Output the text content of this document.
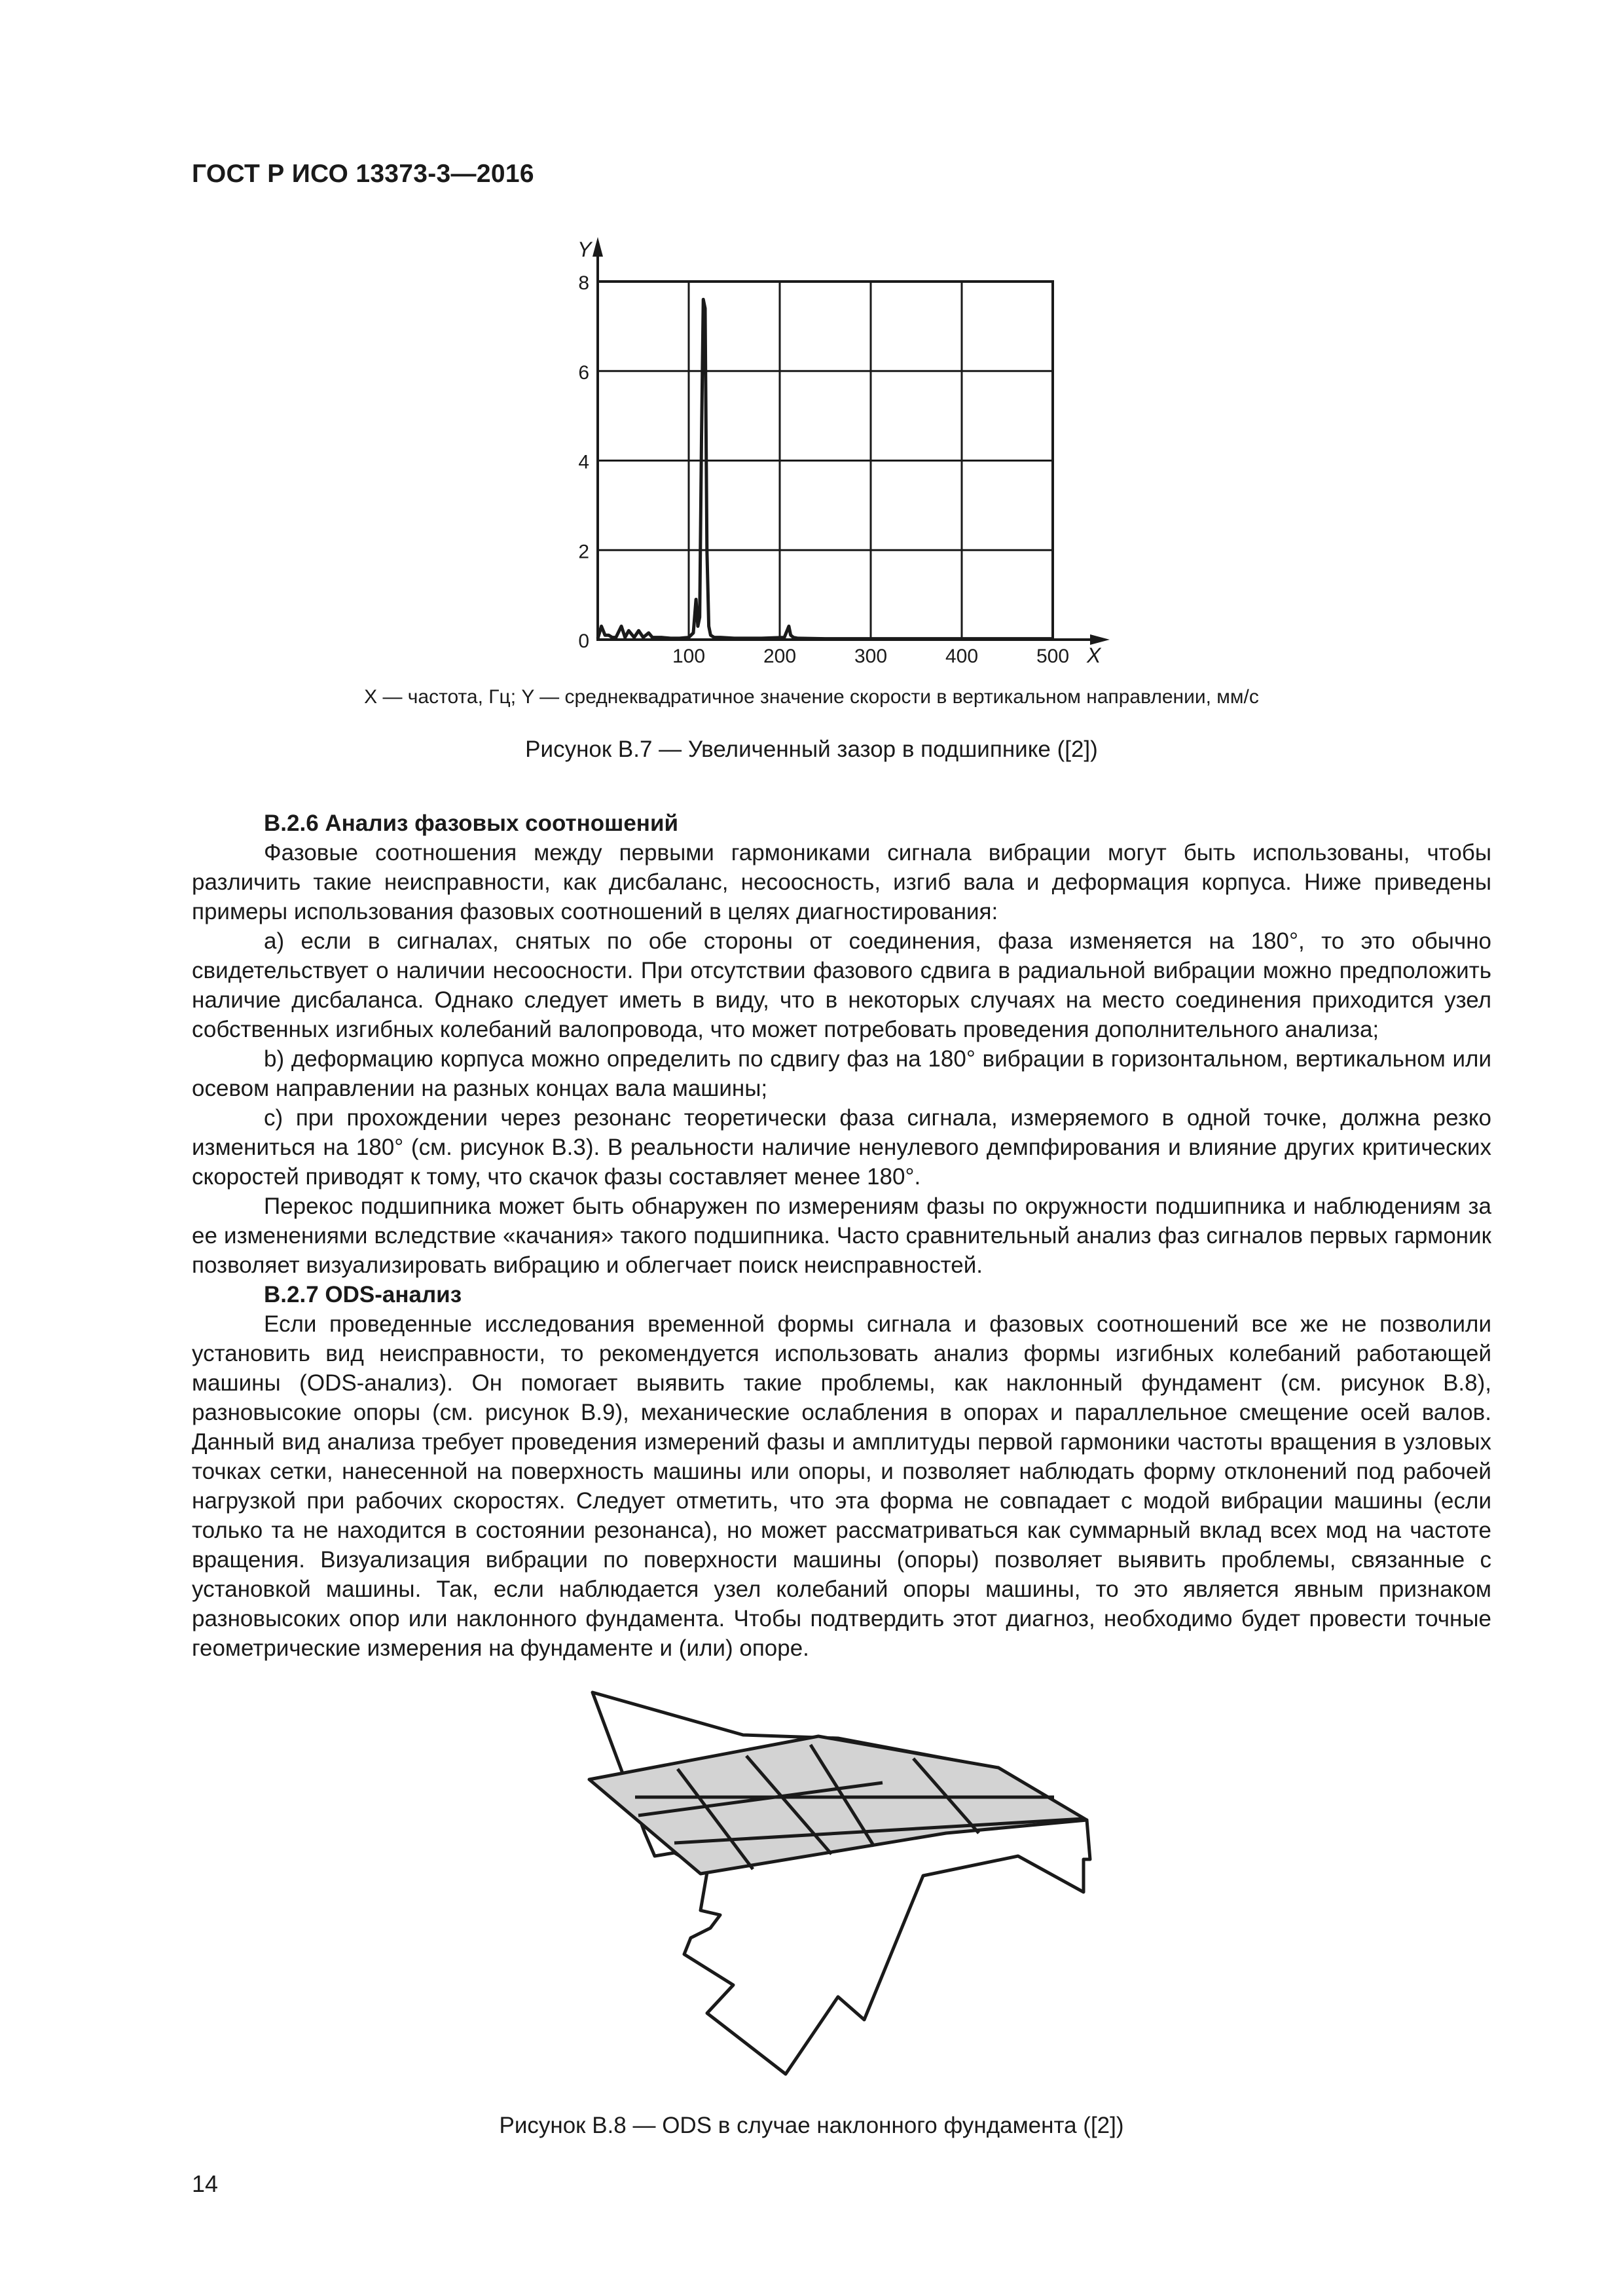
ГОСТ Р ИСО 13373-3—2016
Y
X
0
2
4
6
8
100	200	300	400	500
X — частота, Гц; Y — среднеквадратичное значение скорости в вертикальном направлении, мм/с
Рисунок В.7 — Увеличенный зазор в подшипнике ([2])

В.2.6 Анализ фазовых соотношений

Фазовые соотношения между первыми гармониками сигнала вибрации могут быть использованы, чтобы различить такие неисправности, как дисбаланс, несоосность, изгиб вала и деформация корпуса. Ниже приведены примеры использования фазовых соотношений в целях диагностирования:

а) если в сигналах, снятых по обе стороны от соединения, фаза изменяется на 180°, то это обычно свидетельствует о наличии несоосности. При отсутствии фазового сдвига в радиальной вибрации можно предположить наличие дисбаланса. Однако следует иметь в виду, что в некоторых случаях на место соединения приходится узел собственных изгибных колебаний валопровода, что может потребовать проведения дополнительного анализа;

b) деформацию корпуса можно определить по сдвигу фаз на 180° вибрации в горизонтальном, вертикальном или осевом направлении на разных концах вала машины;

c) при прохождении через резонанс теоретически фаза сигнала, измеряемого в одной точке, должна резко измениться на 180° (см. рисунок В.3). В реальности наличие ненулевого демпфирования и влияние других критических скоростей приводят к тому, что скачок фазы составляет менее 180°.

Перекос подшипника может быть обнаружен по измерениям фазы по окружности подшипника и наблюдениям за ее изменениями вследствие «качания» такого подшипника. Часто сравнительный анализ фаз сигналов первых гармоник позволяет визуализировать вибрацию и облегчает поиск неисправностей.

В.2.7 ODS-анализ

Если проведенные исследования временной формы сигнала и фазовых соотношений все же не позволили установить вид неисправности, то рекомендуется использовать анализ формы изгибных колебаний работающей машины (ODS-анализ). Он помогает выявить такие проблемы, как наклонный фундамент (см. рисунок В.8), разновысокие опоры (см. рисунок В.9), механические ослабления в опорах и параллельное смещение осей валов. Данный вид анализа требует проведения измерений фазы и амплитуды первой гармоники частоты вращения в узловых точках сетки, нанесенной на поверхность машины или опоры, и позволяет наблюдать форму отклонений под рабочей нагрузкой при рабочих скоростях. Следует отметить, что эта форма не совпадает с модой вибрации машины (если только та не находится в состоянии резонанса), но может рассматриваться как суммарный вклад всех мод на частоте вращения. Визуализация вибрации по поверхности машины (опоры) позволяет выявить проблемы, связанные с установкой машины. Так, если наблюдается узел колебаний опоры машины, то это является явным признаком разновысоких опор или наклонного фундамента. Чтобы подтвердить этот диагноз, необходимо будет провести точные геометрические измерения на фундаменте и (или) опоре.

Рисунок В.8 — ODS в случае наклонного фундамента ([2])
14
